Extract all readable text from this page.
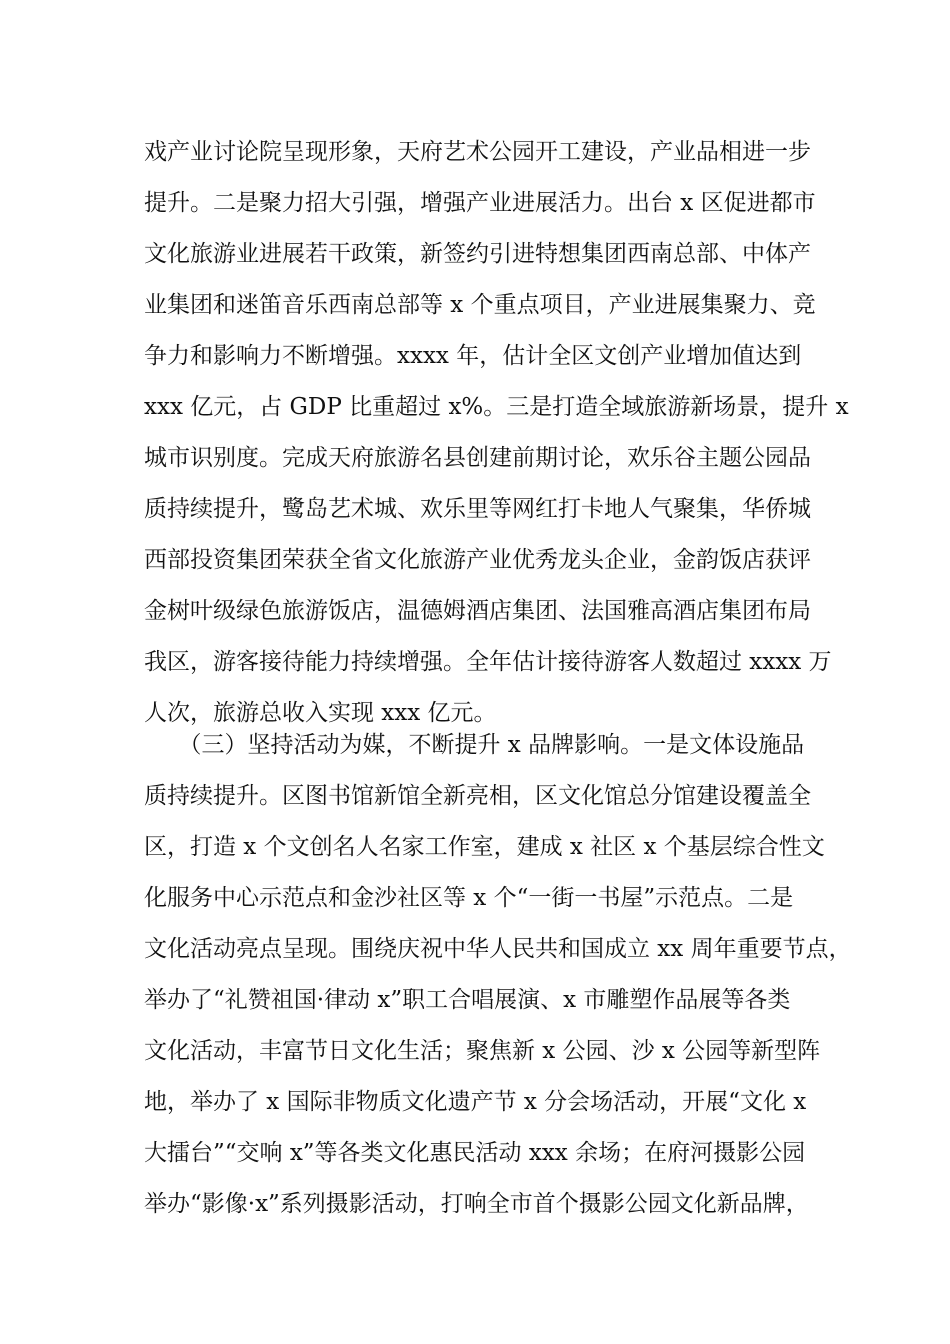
戏产业讨论院呈现形象，天府艺术公园开工建设，产业品相进一步
提升。二是聚力招大引强，增强产业进展活力。出台 x 区促进都市
文化旅游业进展若干政策，新签约引进特想集团西南总部、中体产
业集团和迷笛音乐西南总部等 x 个重点项目，产业进展集聚力、竞
争力和影响力不断增强。xxxx 年，估计全区文创产业增加值达到
xxx 亿元，占 GDP 比重超过 x%。三是打造全域旅游新场景，提升 x
城市识别度。完成天府旅游名县创建前期讨论，欢乐谷主题公园品
质持续提升，鹭岛艺术城、欢乐里等网红打卡地人气聚集，华侨城
西部投资集团荣获全省文化旅游产业优秀龙头企业，金韵饭店获评
金树叶级绿色旅游饭店，温德姆酒店集团、法国雅高酒店集团布局
我区，游客接待能力持续增强。全年估计接待游客人数超过 xxxx 万
人次，旅游总收入实现 xxx 亿元。
　　（三）坚持活动为媒，不断提升 x 品牌影响。一是文体设施品
质持续提升。区图书馆新馆全新亮相，区文化馆总分馆建设覆盖全
区，打造 x 个文创名人名家工作室，建成 x 社区 x 个基层综合性文
化服务中心示范点和金沙社区等 x 个“一街一书屋”示范点。二是
文化活动亮点呈现。围绕庆祝中华人民共和国成立 xx 周年重要节点，
举办了“礼赞祖国·律动 x”职工合唱展演、x 市雕塑作品展等各类
文化活动，丰富节日文化生活；聚焦新 x 公园、沙 x 公园等新型阵
地，举办了 x 国际非物质文化遗产节 x 分会场活动，开展“文化 x
大擂台”“交响 x”等各类文化惠民活动 xxx 余场；在府河摄影公园
举办“影像·x”系列摄影活动，打响全市首个摄影公园文化新品牌，
